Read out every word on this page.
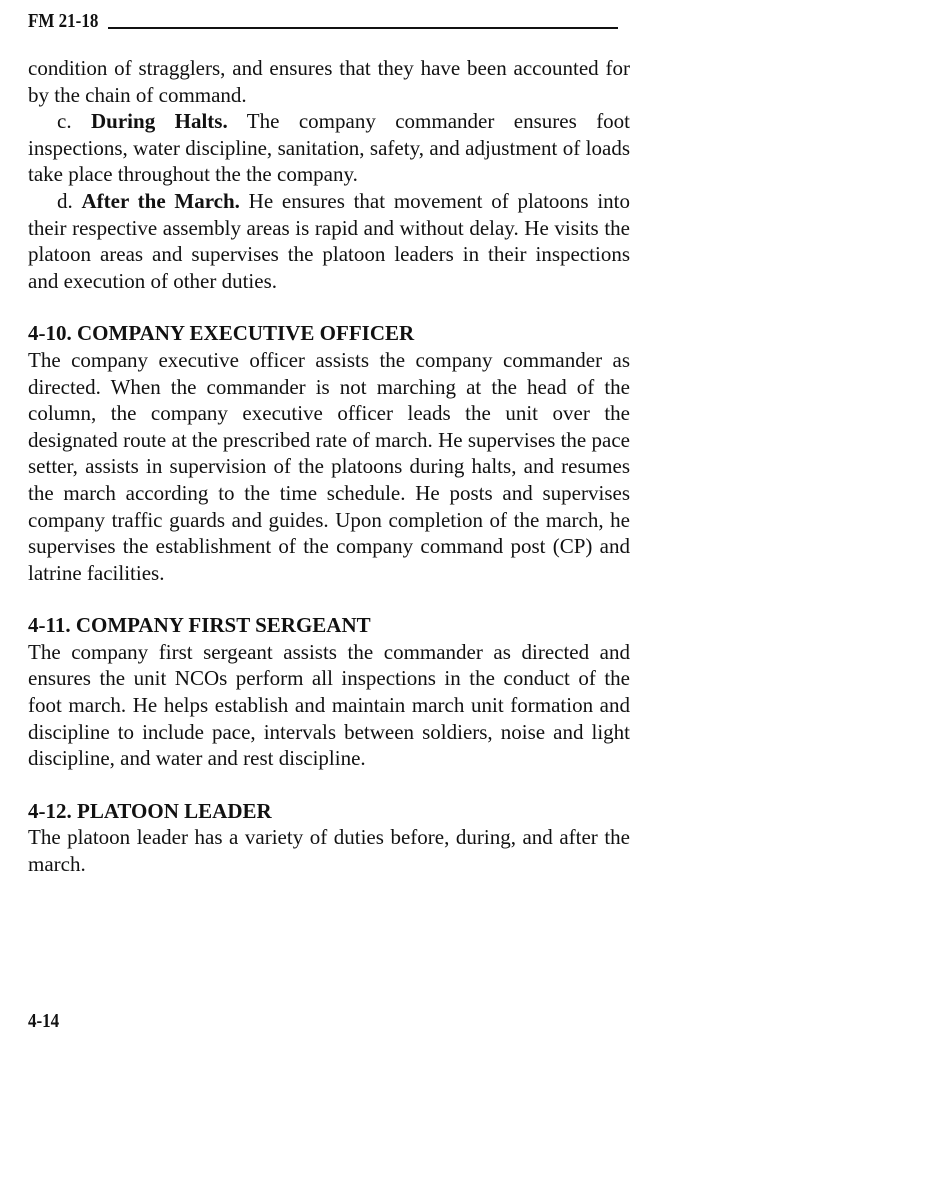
FM 21-18

condition of stragglers, and ensures that they have been accounted for by the chain of command.

c. During Halts. The company commander ensures foot inspections, water discipline, sanitation, safety, and adjustment of loads take place throughout the the company.

d. After the March. He ensures that movement of platoons into their respective assembly areas is rapid and without delay. He visits the platoon areas and supervises the platoon leaders in their inspections and execution of other duties.

4-10. COMPANY EXECUTIVE OFFICER

The company executive officer assists the company commander as directed. When the commander is not marching at the head of the column, the company executive officer leads the unit over the designated route at the prescribed rate of march. He supervises the pace setter, assists in supervision of the platoons during halts, and resumes the march according to the time schedule. He posts and supervises company traffic guards and guides. Upon completion of the march, he supervises the establishment of the company command post (CP) and latrine facilities.

4-11. COMPANY FIRST SERGEANT

The company first sergeant assists the commander as directed and ensures the unit NCOs perform all inspections in the conduct of the foot march. He helps establish and maintain march unit formation and discipline to include pace, intervals between soldiers, noise and light discipline, and water and rest discipline.

4-12. PLATOON LEADER

The platoon leader has a variety of duties before, during, and after the march.

4-14
